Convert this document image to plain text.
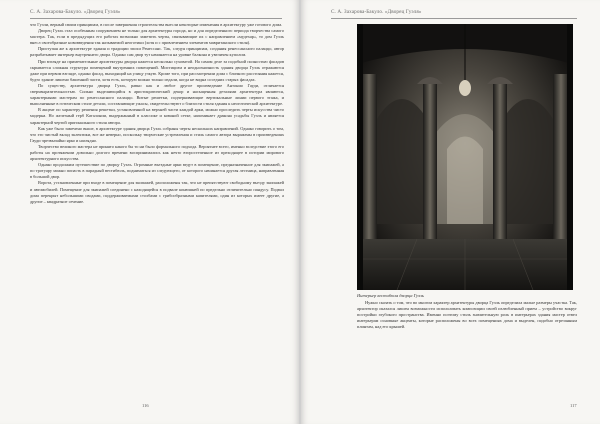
С. А. Захарова-Бакуло. «Дворец Гуэля»

что Гуэли, верный своим принципам, в после завершения строительства внесли некоторые изменения в архитектуру уже готового дома.

Дворец Гуэль стал особенным сооружением не только для архитектуры города, но и для определенного периода творчества самого мастера. Так, если в предыдущих его работах возможно заметить черты, связывающие их с направлением «мудехар», то дом Гуэль внесл своеобразные нововведения так называемой неоготики (хотя и с привлечением элементов мавританского стиля).

Приступая же к архитектуре здания и традиции эпохи Ренессанс. Так, следуя принципам, создания ренессансного палаццо, автор разрабатывает интерьер внутреннего двора. Однако сам двор тут начинается на уровне балкона и увеличен куполом.

При взгляде на примечательные архитектуры дворца кажется несколько суховатой. На самом деле за подобной полностью фасадов скрывается сложная структура помещений внутренних помещений. Мистицизм и неоднозначность здания дворца Гуэль отражаются даже при первом взгляде, однако фасад, выходящий на улицу узкую. Кроме того, при рассмотрении дома с близкого расстояния кажется, будто здание лишено башенной части, хотя есть, которую можно только издали, когда не видна соседних старых фасадах.

По существу, архитектура дворца Гуэль, равно как и любое другое произведение Антонио Гауди, отличается сверхвыразительностью. Сильно выделяющийся в аристократический декор и насыщенная деталями архитектура являются, характерными мастерам по ренессансного палаццо. Витые решетки, подчеркивающие вертикальные линии первого этажа, и выполненные в готическом стиле детали, составляющие ужасы, свидетельствуют о близости стиля здания к неоготической архитектуре.

В акцент по характеру решения решетки, установленной на верхней части каждой арки, можно проследить черты искусства чисто модерна. Но железный герб Каталонии, выдержанный в классике и кованой сетке, напоминает дракона усадьбы Гуэль и является характерной чертой оригинального стиля автора.

Как уже было замечено выше, в архитектуре здания дворца Гуэль собраны черты нескольких направлений. Однако говорить о том, что это чистый вклад эклектики, все же неверно, поскольку творческие устремления и стиль самого автора выражены в произведениях Гауди чрезвычайно ярко и наглядно.

Творчество великого мастера не принято какого бы то ни было формального подхода. Вероятнее всего, именно вследствие этого его работы на протяжении довольно долгого времени воспринимались как нечто второстепенное из преходящее в истории мирового архитектурного искусства.

Однако продолжим путешествие по дворцу Гуэль. Огромные въездные арки ведут в помещение, предназначенное для экипажей, а по тротуару можно попасть в парадный вестибюль, подниматься из следующего, от которого начинается другая лестница, направленная в большой двор.

Ворота, установленные при входе в помещение для экипажей, расположены так, что не препятствуют свободному въезду экипажей и автомобилей. Помещение для экипажей соединено с находящейся в подвале конюшней по предельно отличительно пандусу. Подвал дома перекрыт небольшими сводами, поддерживаемыми столбами с грибообразными капителями, один из которых имеет другие, а другие – квадратное сечение.

116
С. А. Захарова-Бакуло. «Дворец Гуэля»
Интерьер вестибюля дворца Гуэль

Нужно сказать о том, что во многом характер архитектуры дворца Гуэль определила малые размеры участка. Так, архитектор оказался лишен возможности использовать композиции своей излюбленный прием – устройство вокруг постройки глубокого пространства. Именно поэтому стиль значительную роль в интерьерах здания мастер отвел интерьерам основные акценты, которые расположены во всех помещениях дома и выделен, подобно отрезанным плинтам, над его крышей.

117
